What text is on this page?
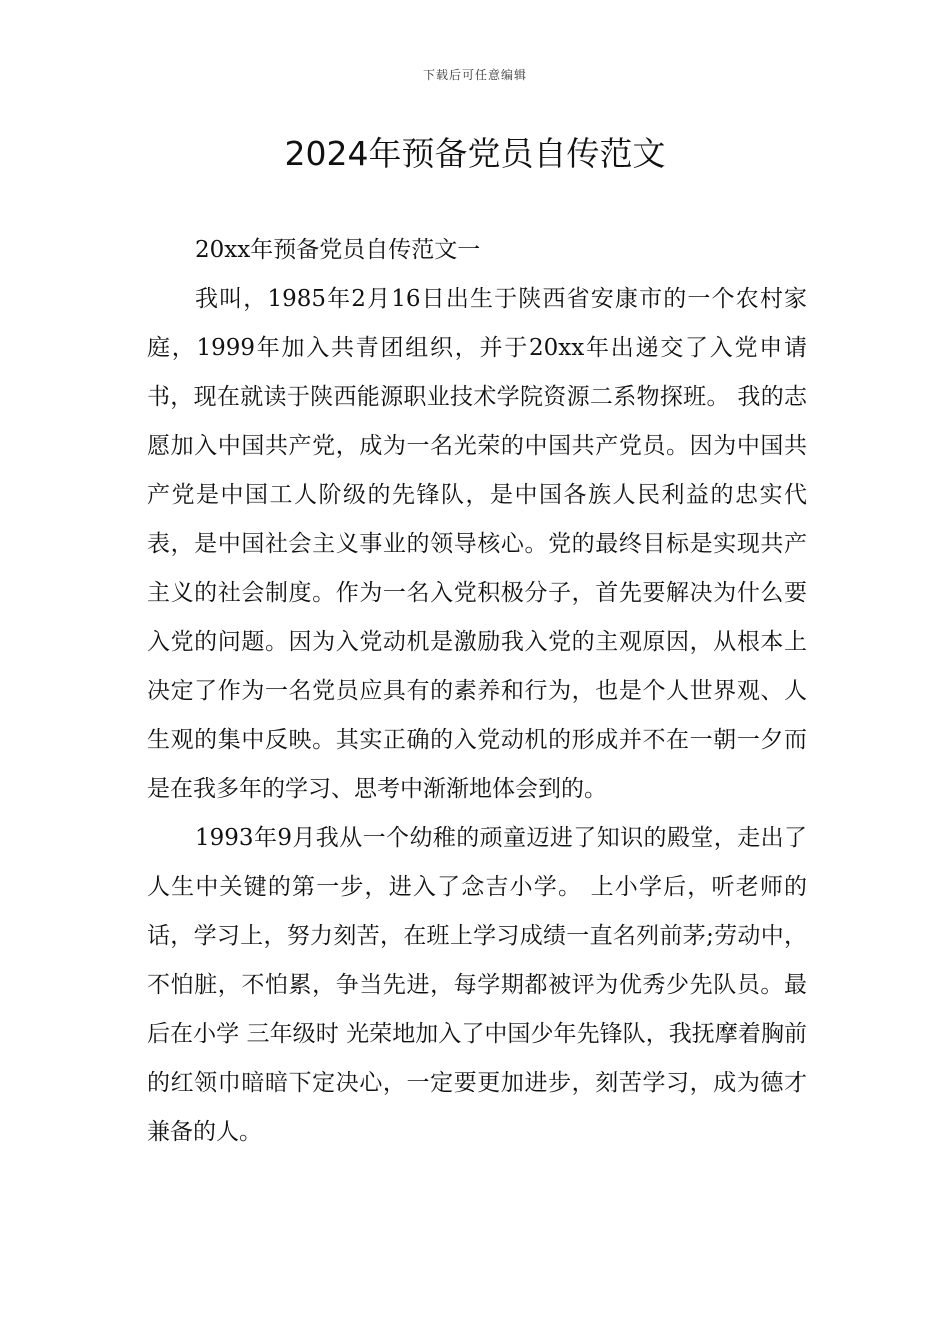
下载后可任意编辑
2024年预备党员自传范文

20xx年预备党员自传范文一

我叫，1985年2月16日出生于陕西省安康市的一个农村家庭，1999年加入共青团组织，并于20xx年出递交了入党申请书，现在就读于陕西能源职业技术学院资源二系物探班。 我的志愿加入中国共产党，成为一名光荣的中国共产党员。因为中国共产党是中国工人阶级的先锋队，是中国各族人民利益的忠实代表，是中国社会主义事业的领导核心。党的最终目标是实现共产主义的社会制度。作为一名入党积极分子，首先要解决为什么要入党的问题。因为入党动机是激励我入党的主观原因，从根本上决定了作为一名党员应具有的素养和行为，也是个人世界观、人生观的集中反映。其实正确的入党动机的形成并不在一朝一夕而是在我多年的学习、思考中渐渐地体会到的。

1993年9月我从一个幼稚的顽童迈进了知识的殿堂，走出了人生中关键的第一步，进入了念吉小学。 上小学后，听老师的话，学习上，努力刻苦，在班上学习成绩一直名列前茅;劳动中，不怕脏，不怕累，争当先进，每学期都被评为优秀少先队员。最后在小学 三年级时 光荣地加入了中国少年先锋队，我抚摩着胸前的红领巾暗暗下定决心，一定要更加进步，刻苦学习，成为德才兼备的人。
